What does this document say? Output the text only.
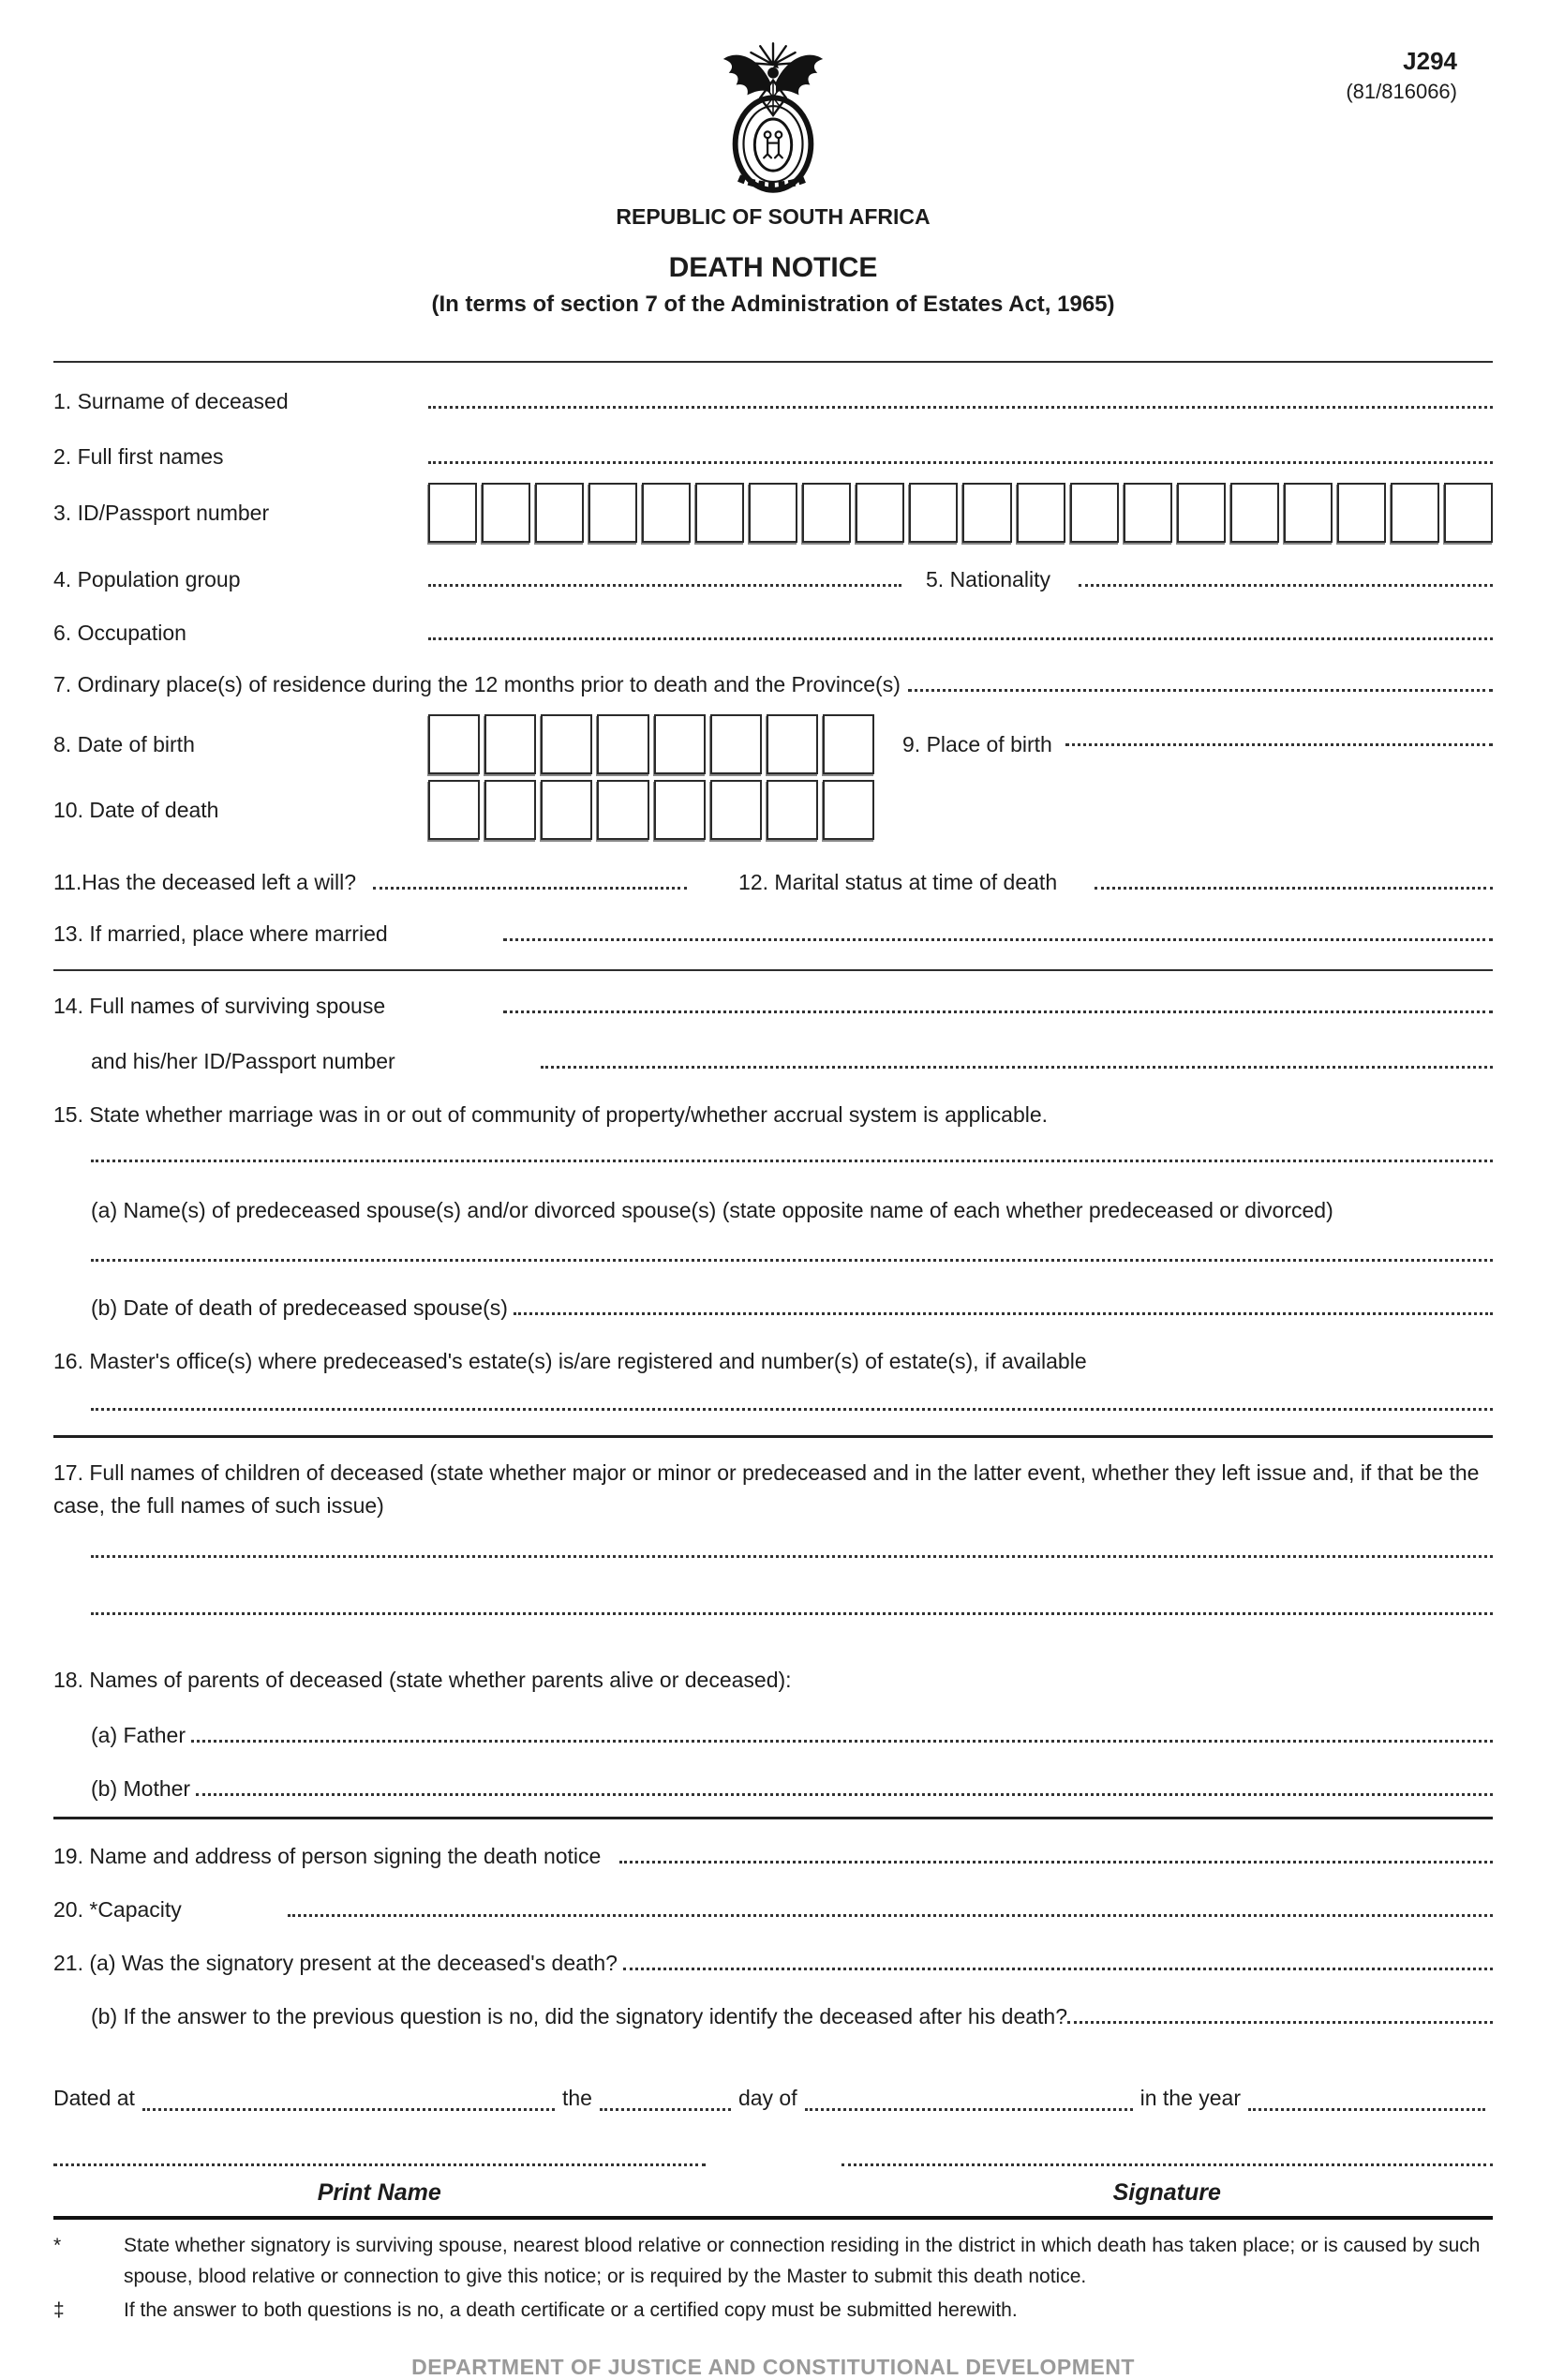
J294
(81/816066)
REPUBLIC OF SOUTH AFRICA
DEATH NOTICE
(In terms of section 7 of the Administration of Estates Act, 1965)
1. Surname of deceased
2. Full first names
3. ID/Passport number
4. Population group	5. Nationality
6. Occupation
7. Ordinary place(s) of residence during the 12 months prior to death and the Province(s)
8. Date of birth	9. Place of birth
10. Date of death
11.Has the deceased left a will?	12. Marital status at time of death
13. If married, place where married
14. Full names of surviving spouse
and his/her ID/Passport number
15. State whether marriage was in or out of community of property/whether accrual system is applicable.
(a) Name(s) of predeceased spouse(s) and/or divorced spouse(s) (state opposite name of each whether predeceased or divorced)
(b) Date of death of predeceased spouse(s)
16. Master's office(s) where predeceased's estate(s) is/are registered and number(s) of estate(s), if available
17. Full names of children of deceased (state whether major or minor or predeceased and in the latter event, whether they left issue and, if that be the case, the full names of such issue)
18. Names of parents of deceased (state whether parents alive or deceased):
(a) Father
(b) Mother
19. Name and address of person signing the death notice
20. *Capacity
21. (a) Was the signatory present at the deceased's death?
(b) If the answer to the previous question is no, did the signatory identify the deceased after his death?
Dated at	the	day of	in the year
Print Name	Signature
*	State whether signatory is surviving spouse, nearest blood relative or connection residing in the district in which death has taken place; or is caused by such spouse, blood relative or connection to give this notice; or is required by the Master to submit this death notice.
‡	If the answer to both questions is no, a death certificate or a certified copy must be submitted herewith.
DEPARTMENT OF JUSTICE AND CONSTITUTIONAL DEVELOPMENT
